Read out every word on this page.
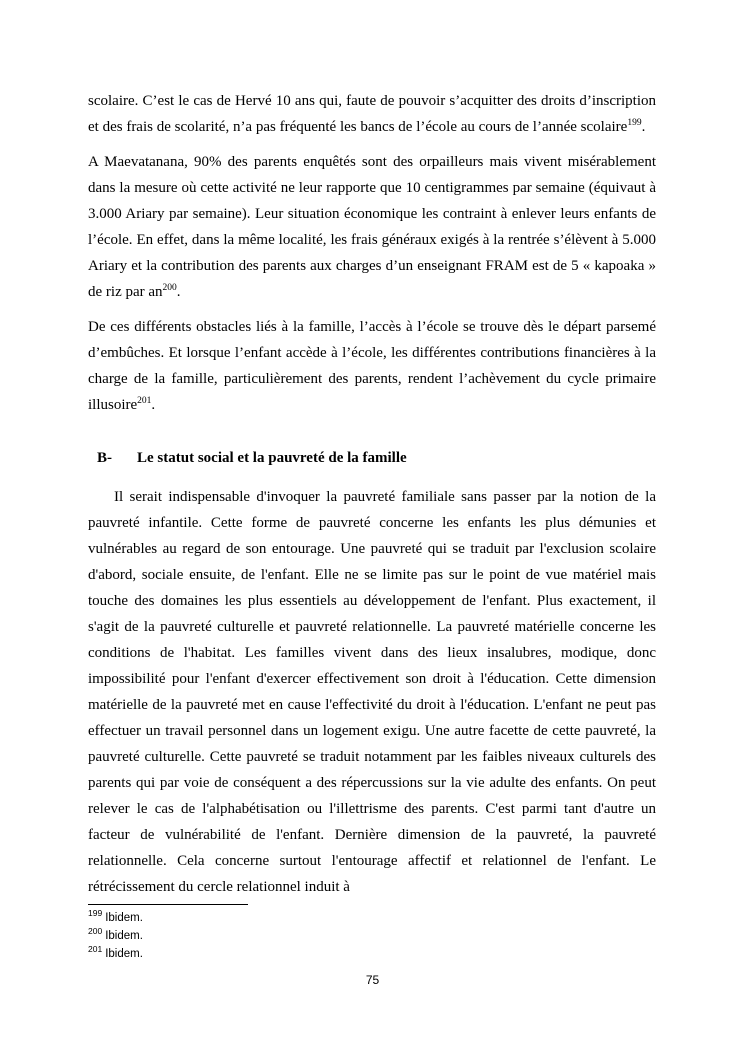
scolaire. C’est le cas de Hervé 10 ans qui, faute de pouvoir s’acquitter des droits d’inscription et des frais de scolarité, n’a pas fréquenté les bancs de l’école au cours de l’année scolaire$^{199}$.

A Maevatanana, 90% des parents enquêtés sont des orpailleurs mais vivent misérablement dans la mesure où cette activité ne leur rapporte que 10 centigrammes par semaine (équivaut à 3.000 Ariary par semaine). Leur situation économique les contraint à enlever leurs enfants de l’école. En effet, dans la même localité, les frais généraux exigés à la rentrée s’élèvent à 5.000 Ariary et la contribution des parents aux charges d’un enseignant FRAM est de 5 « kapoaka » de riz par $an^{200}$.

De ces différents obstacles liés à la famille, l’accès à l’école se trouve dès le départ parsemé d’embûches. Et lorsque l’enfant accède à l’école, les différentes contributions financières à la charge de la famille, particulièrement des parents, rendent l’achèvement du cycle primaire illusoire$^{201}$.

B- Le statut social et la pauvreté de la famille

Il serait indispensable d'invoquer la pauvreté familiale sans passer par la notion de la pauvreté infantile. Cette forme de pauvreté concerne les enfants les plus démunies et vulnérables au regard de son entourage. Une pauvreté qui se traduit par l'exclusion scolaire d'abord, sociale ensuite, de l'enfant. Elle ne se limite pas sur le point de vue matériel mais touche des domaines les plus essentiels au développement de l'enfant. Plus exactement, il s'agit de la pauvreté culturelle et pauvreté relationnelle. La pauvreté matérielle concerne les conditions de l'habitat. Les familles vivent dans des lieux insalubres, modique, donc impossibilité pour l'enfant d'exercer effectivement son droit à l'éducation. Cette dimension matérielle de la pauvreté met en cause l'effectivité du droit à l'éducation. L'enfant ne peut pas effectuer un travail personnel dans un logement exigu. Une autre facette de cette pauvreté, la pauvreté culturelle. Cette pauvreté se traduit notamment par les faibles niveaux culturels des parents qui par voie de conséquent a des répercussions sur la vie adulte des enfants. On peut relever le cas de l'alphabétisation ou l'illettrisme des parents. C'est parmi tant d'autre un facteur de vulnérabilité de l'enfant. Dernière dimension de la pauvreté, la pauvreté relationnelle. Cela concerne surtout l'entourage affectif et relationnel de l'enfant. Le rétrécissement du cercle relationnel induit à

$^{199}$ Ibidem.
$^{200}$ Ibidem.
$^{201}$ Ibidem.
75
